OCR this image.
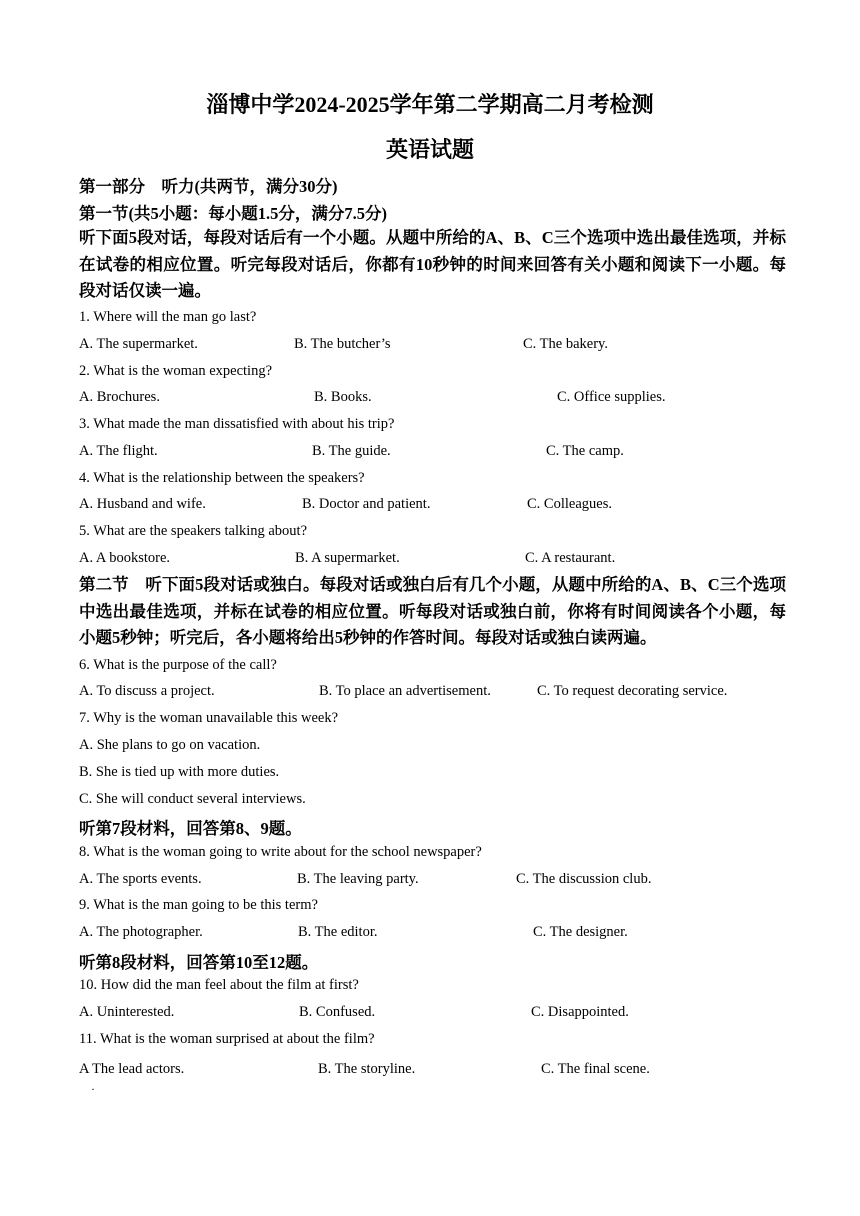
淄博中学2024-2025学年第二学期高二月考检测
英语试题
第一部分　听力(共两节，满分30分)
第一节(共5小题：每小题1.5分，满分7.5分)
听下面5段对话，每段对话后有一个小题。从题中所给的A、B、C三个选项中选出最佳选项，并标在试卷的相应位置。听完每段对话后，你都有10秒钟的时间来回答有关小题和阅读下一小题。每段对话仅读一遍。
1. Where will the man go last?
A. The supermarket.	B. The butcher’s	C. The bakery.
2. What is the woman expecting?
A. Brochures.	B. Books.	C. Office supplies.
3. What made the man dissatisfied with about his trip?
A. The flight.	B. The guide.	C. The camp.
4. What is the relationship between the speakers?
A. Husband and wife.	B. Doctor and patient.	C. Colleagues.
5. What are the speakers talking about?
A. A bookstore.	B. A supermarket.	C. A restaurant.
第二节　听下面5段对话或独白。每段对话或独白后有几个小题，从题中所给的A、B、C三个选项中选出最佳选项，并标在试卷的相应位置。听每段对话或独白前，你将有时间阅读各个小题，每小题5秒钟；听完后，各小题将给出5秒钟的作答时间。每段对话或独白读两遍。
6. What is the purpose of the call?
A. To discuss a project.	B. To place an advertisement.	C. To request decorating service.
7. Why is the woman unavailable this week?
A. She plans to go on vacation.
B. She is tied up with more duties.
C. She will conduct several interviews.
听第7段材料，回答第8、9题。
8. What is the woman going to write about for the school newspaper?
A. The sports events.	B. The leaving party.	C. The discussion club.
9. What is the man going to be this term?
A. The photographer.	B. The editor.	C. The designer.
听第8段材料，回答第10至12题。
10. How did the man feel about the film at first?
A. Uninterested.	B. Confused.	C. Disappointed.
11. What is the woman surprised at about the film?
A The lead actors.	B. The storyline.	C. The final scene.
·
